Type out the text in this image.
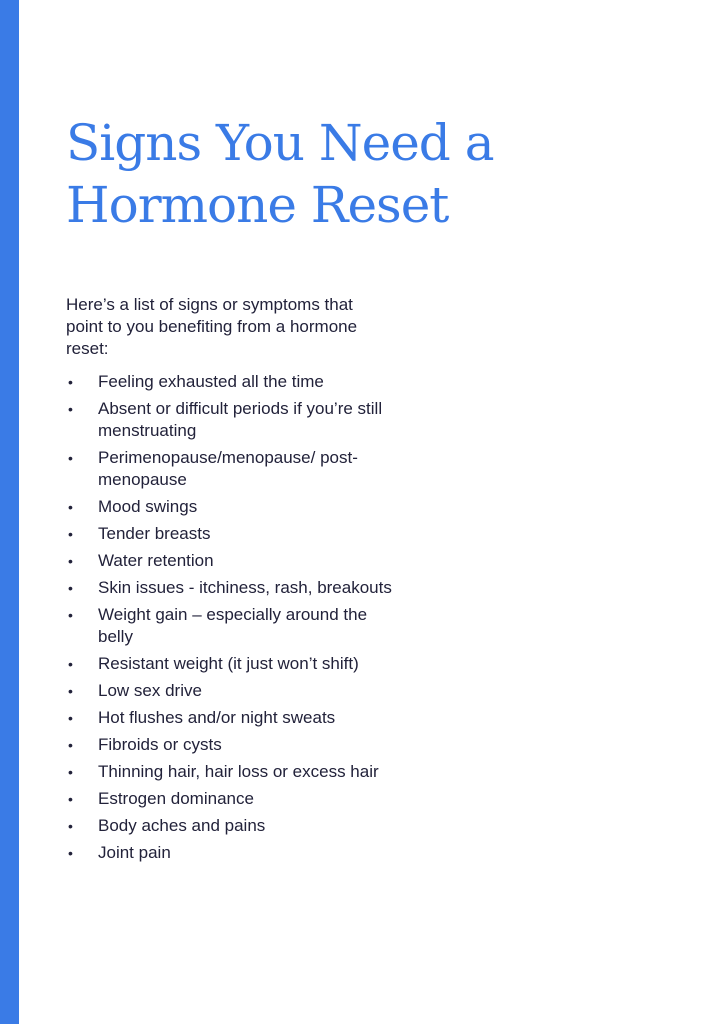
Signs You Need a Hormone Reset

Here’s a list of signs or symptoms that point to you benefiting from a hormone reset:

• Feeling exhausted all the time
• Absent or difficult periods if you’re still menstruating
• Perimenopause/menopause/ post-menopause
• Mood swings
• Tender breasts
• Water retention
• Skin issues - itchiness, rash, breakouts
• Weight gain – especially around the belly
• Resistant weight (it just won’t shift)
• Low sex drive
• Hot flushes and/or night sweats
• Fibroids or cysts
• Thinning hair, hair loss or excess hair
• Estrogen dominance
• Body aches and pains
• Joint pain
